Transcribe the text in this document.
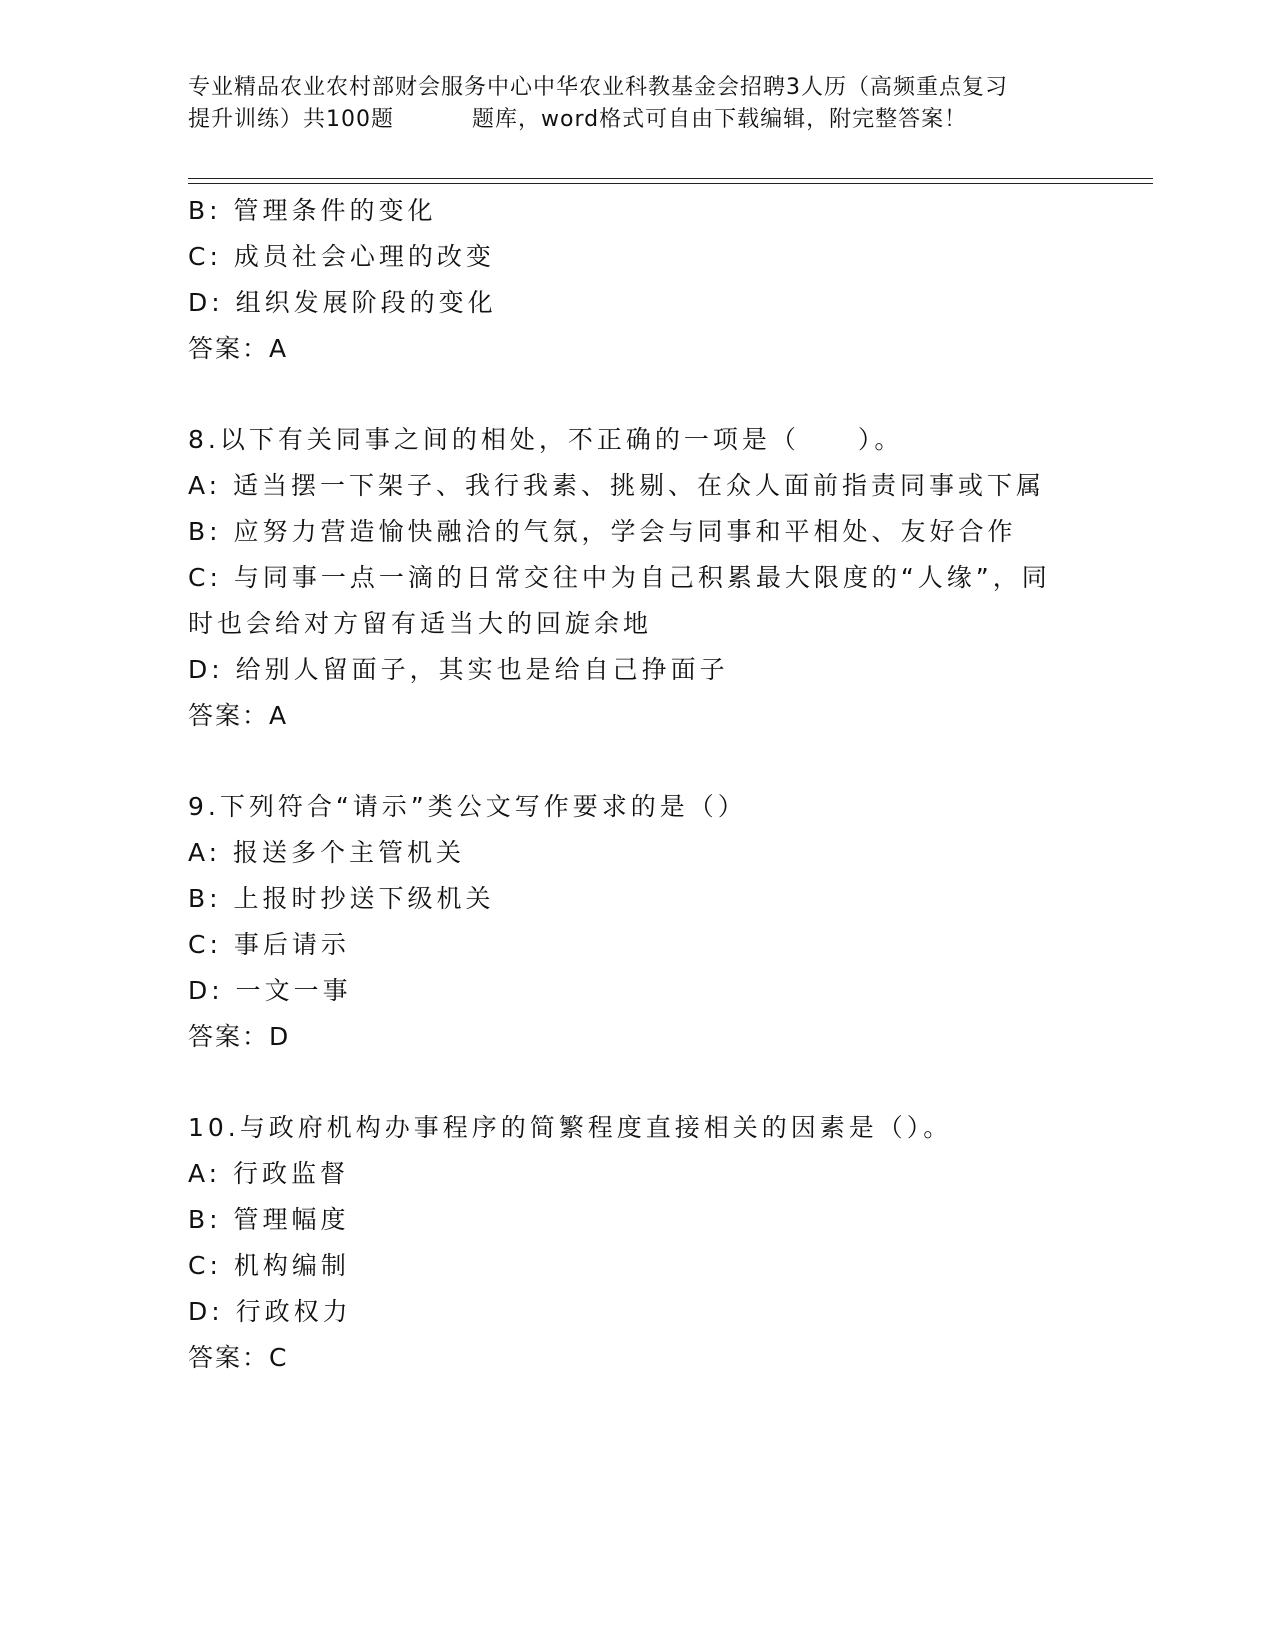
专业精品农业农村部财会服务中心中华农业科教基金会招聘3人历（高频重点复习
提升训练）共100题	题库，word格式可自由下载编辑，附完整答案！
B: 管理条件的变化
C: 成员社会心理的改变
D: 组织发展阶段的变化
答案：A
8.以下有关同事之间的相处，不正确的一项是（　　）。
A: 适当摆一下架子、我行我素、挑剔、在众人面前指责同事或下属
B: 应努力营造愉快融洽的气氛，学会与同事和平相处、友好合作
C: 与同事一点一滴的日常交往中为自己积累最大限度的“人缘”，同
时也会给对方留有适当大的回旋余地
D: 给别人留面子，其实也是给自己挣面子
答案：A
9.下列符合“请示”类公文写作要求的是（）
A: 报送多个主管机关
B: 上报时抄送下级机关
C: 事后请示
D: 一文一事
答案：D
10.与政府机构办事程序的简繁程度直接相关的因素是（）。
A: 行政监督
B: 管理幅度
C: 机构编制
D: 行政权力
答案：C
